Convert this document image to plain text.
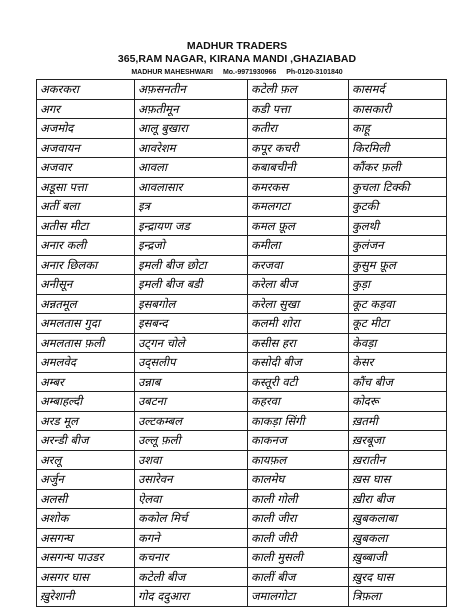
MADHUR TRADERS
365,RAM NAGAR, KIRANA MANDI ,GHAZIABAD
MADHUR MAHESHWARI Mo.-9971930966 Ph-0120-3101840
अकरकरा	अफ़सनतीन	कटेली फ़ल	कासमर्द
अगर	अफ़तीमून	कडी पत्ता	कासकारी
अजमोद	आलू बुखारा	कतीरा	काहू
अजवायन	आवरेशम	कपूर कचरी	किरमिली
अजवार	आवला	कबाबचीनी	कौंकर फ़ली
अडूसा पत्ता	आवलासार	कमरकस	कुचला टिक्की
अतीं बला	इत्र	कमलगटा	कुटकी
अतीस मीटा	इन्द्रायण जड	कमल फ़ूल	कुलथी
अनार कली	इन्द्रजो	कमीला	कुलंजन
अनार छिलका	इमली बीज छोटा	करजवा	कुसुम फ़ूल
अनीसून	इमली बीज बडी	करेला बीज	कुड़ा
अन्नतमूल	इसबगोल	करेला सुखा	कूट कड़वा
अमलतास गुदा	इसबन्द	कलमी शोरा	कूट मीटा
अमलतास फ़ली	उट्गन चोले	कसीस हरा	केवड़ा
अमलवेद	उद्सलीप	कसोदी बीज	केसर
अम्बर	उन्नाब	कस्तूरी वटी	कौंच बीज
अम्बाहल्दी	उबटना	कहरवा	कोदरू
अरड मूल	उल्टकम्बल	काकड़ा सिंगी	ख़तमी
अरन्डी बीज	उल्लू फ़ली	काकनज	ख़रबूजा
अरलू	उशवा	कायफ़ल	ख़रातीन
अर्जुन	उसारेवन	कालमेघ	ख़स घास
अलसी	ऐलवा	काली गोली	ख़ीरा बीज
अशोक	ककोल मिर्च	काली जीरा	ख़ुबकलाबा
असगन्घ	कगने	काली जीरी	ख़ुबकला
असगन्घ पाउडर	कचनार	काली मुसली	ख़ुब्बाजी
असगर घास	कटेली बीज	कालीं बीज	ख़ुरद घास
ख़ुरेशानी	गोद ददुआरा	जमालगोटा	त्रिफ़ला
